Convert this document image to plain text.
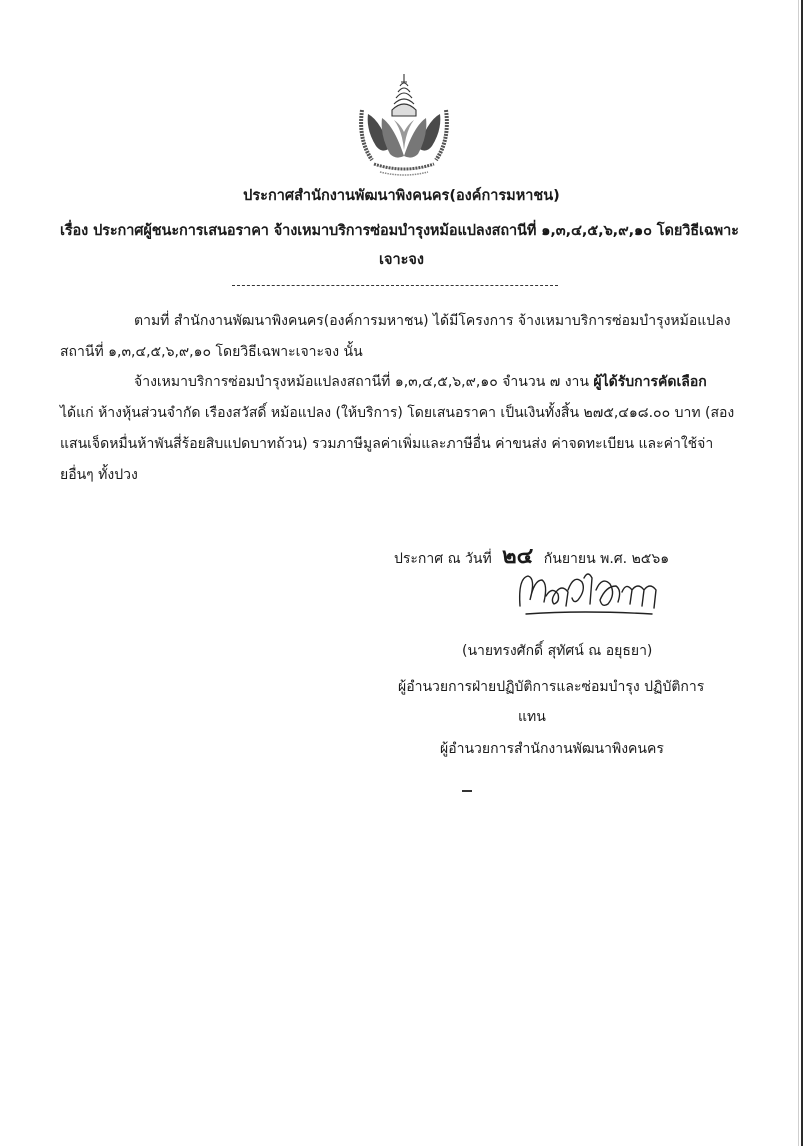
ประกาศสำนักงานพัฒนาพิงคนคร(องค์การมหาชน)
เรื่อง ประกาศผู้ชนะการเสนอราคา จ้างเหมาบริการซ่อมบำรุงหม้อแปลงสถานีที่ ๑,๓,๔,๕,๖,๙,๑๐ โดยวิธีเฉพาะ
เจาะจง

ตามที่ สำนักงานพัฒนาพิงคนคร(องค์การมหาชน) ได้มีโครงการ จ้างเหมาบริการซ่อมบำรุงหม้อแปลงสถานีที่ ๑,๓,๔,๕,๖,๙,๑๐ โดยวิธีเฉพาะเจาะจง นั้น

จ้างเหมาบริการซ่อมบำรุงหม้อแปลงสถานีที่ ๑,๓,๔,๕,๖,๙,๑๐ จำนวน ๗ งาน ผู้ได้รับการคัดเลือก ได้แก่ ห้างหุ้นส่วนจำกัด เรืองสวัสดิ์ หม้อแปลง (ให้บริการ) โดยเสนอราคา เป็นเงินทั้งสิ้น ๒๗๕,๔๑๘.๐๐ บาท (สองแสนเจ็ดหมื่นห้าพันสี่ร้อยสิบแปดบาทถ้วน) รวมภาษีมูลค่าเพิ่มและภาษีอื่น ค่าขนส่ง ค่าจดทะเบียน และค่าใช้จ่ายอื่นๆ ทั้งปวง

ประกาศ ณ วันที่ ๒๔ กันยายน พ.ศ. ๒๕๖๑
(นายทรงศักดิ์ สุทัศน์ ณ อยุธยา)
ผู้อำนวยการฝ่ายปฏิบัติการและซ่อมบำรุง ปฏิบัติการ
แทน
ผู้อำนวยการสำนักงานพัฒนาพิงคนคร
